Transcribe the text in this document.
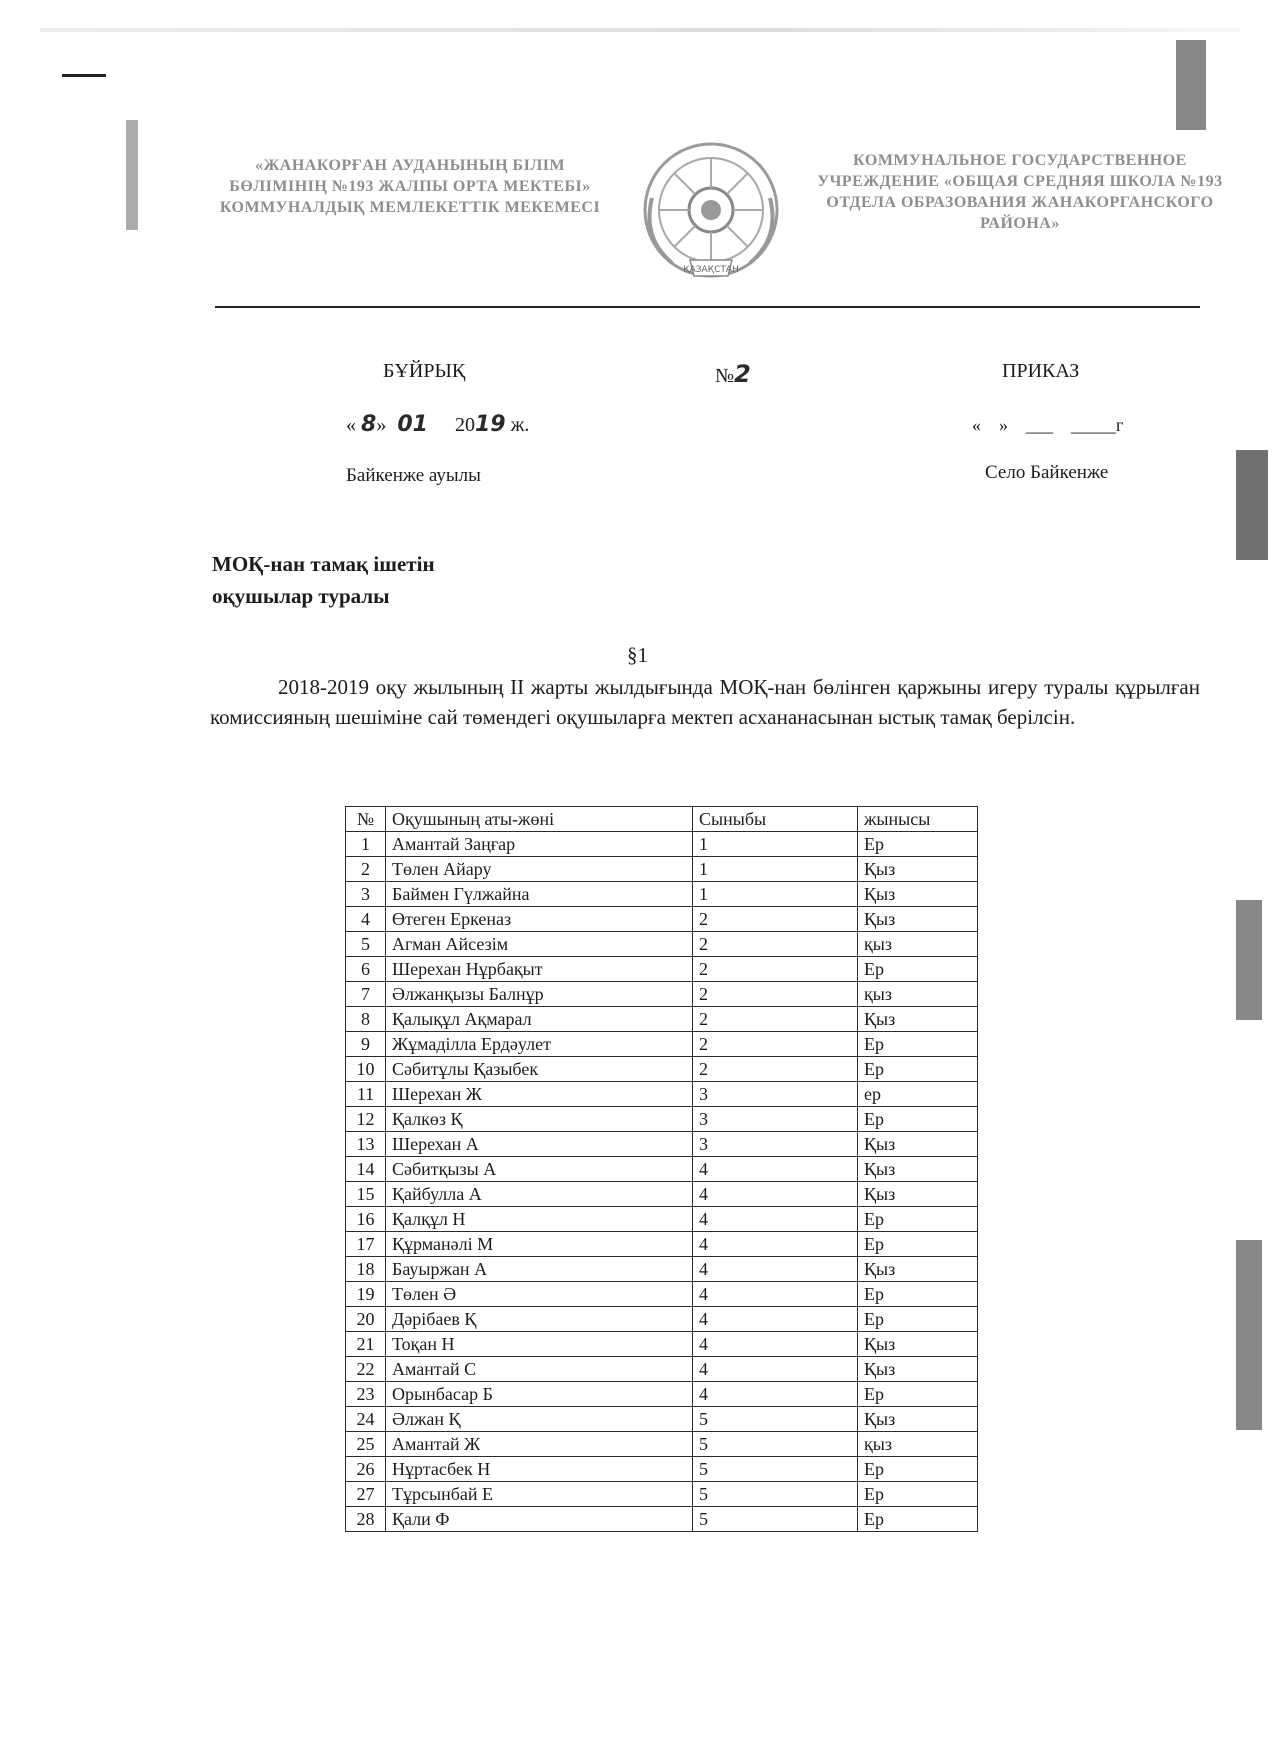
«ЖАНАКОРҒАН АУДАНЫНЫҢ БІЛІМ БӨЛІМІНІҢ №193 ЖАЛПЫ ОРТА МЕКТЕБІ» КОММУНАЛДЫҚ МЕМЛЕКЕТТІК МЕКЕМЕСІ
ҚАЗАҚСТАН
КОММУНАЛЬНОЕ ГОСУДАРСТВЕННОЕ УЧРЕЖДЕНИЕ «ОБЩАЯ СРЕДНЯЯ ШКОЛА №193 ОТДЕЛА ОБРАЗОВАНИЯ ЖАНАКОРГАНСКОГО РАЙОНА»
БҰЙРЫҚ	№2	ПРИКАЗ
« 8» 01 2019 ж.	«    »    ___    _____г
Байкенже ауылы	Село Байкенже
МОҚ-нан тамақ ішетін
оқушылар туралы
§1
2018-2019 оқу жылының ІІ жарты жылдығында МОҚ-нан бөлінген қаржыны игеру туралы құрылған комиссияның шешіміне сай төмендегі оқушыларға мектеп асхананасынан ыстық тамақ берілсін.
№	Оқушының аты-жөні	Сыныбы	жынысы
1	Амантай Заңғар	1	Ер
2	Төлен Айару	1	Қыз
3	Баймен Гүлжайна	1	Қыз
4	Өтеген Еркеназ	2	Қыз
5	Агман Айсезім	2	қыз
6	Шерехан Нұрбақыт	2	Ер
7	Әлжанқызы Балнұр	2	қыз
8	Қалықұл Ақмарал	2	Қыз
9	Жұмаділла Ердәулет	2	Ер
10	Сәбитұлы Қазыбек	2	Ер
11	Шерехан Ж	3	ер
12	Қалкөз Қ	3	Ер
13	Шерехан А	3	Қыз
14	Сәбитқызы А	4	Қыз
15	Қайбулла А	4	Қыз
16	Қалқұл Н	4	Ер
17	Құрманәлі М	4	Ер
18	Бауыржан А	4	Қыз
19	Төлен Ә	4	Ер
20	Дәрібаев Қ	4	Ер
21	Тоқан Н	4	Қыз
22	Амантай С	4	Қыз
23	Орынбасар Б	4	Ер
24	Әлжан Қ	5	Қыз
25	Амантай Ж	5	қыз
26	Нұртасбек Н	5	Ер
27	Тұрсынбай Е	5	Ер
28	Қали Ф	5	Ер
